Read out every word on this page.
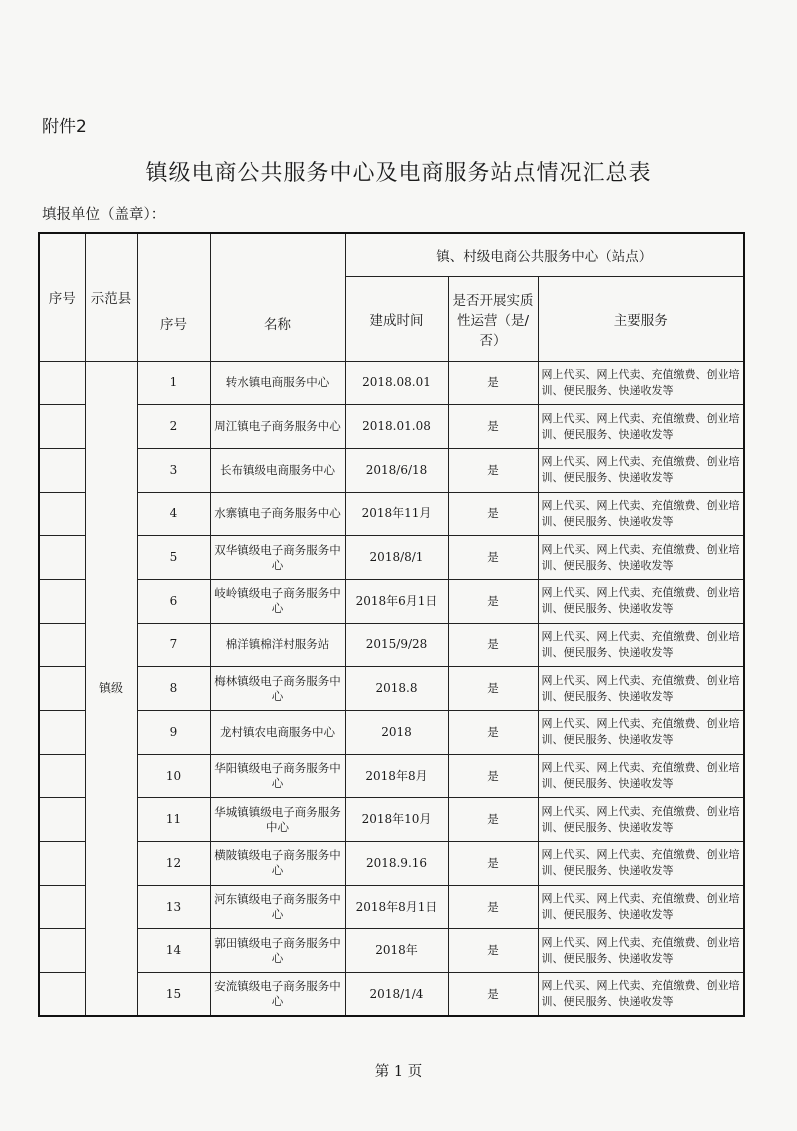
附件2
镇级电商公共服务中心及电商服务站点情况汇总表
填报单位（盖章）：
序号	示范县	序号	名称	镇、村级电商公共服务中心（站点）		
				建成时间	是否开展实质性运营（是/否）	主要服务
	镇级	1	转水镇电商服务中心	2018.08.01	是	网上代买、网上代卖、充值缴费、创业培训、便民服务、快递收发等
		2	周江镇电子商务服务中心	2018.01.08	是	网上代买、网上代卖、充值缴费、创业培训、便民服务、快递收发等
		3	长布镇级电商服务中心	2018/6/18	是	网上代买、网上代卖、充值缴费、创业培训、便民服务、快递收发等
		4	水寨镇电子商务服务中心	2018年11月	是	网上代买、网上代卖、充值缴费、创业培训、便民服务、快递收发等
		5	双华镇级电子商务服务中心	2018/8/1	是	网上代买、网上代卖、充值缴费、创业培训、便民服务、快递收发等
		6	岐岭镇级电子商务服务中心	2018年6月1日	是	网上代买、网上代卖、充值缴费、创业培训、便民服务、快递收发等
		7	棉洋镇棉洋村服务站	2015/9/28	是	网上代买、网上代卖、充值缴费、创业培训、便民服务、快递收发等
		8	梅林镇级电子商务服务中心	2018.8	是	网上代买、网上代卖、充值缴费、创业培训、便民服务、快递收发等
		9	龙村镇农电商服务中心	2018	是	网上代买、网上代卖、充值缴费、创业培训、便民服务、快递收发等
		10	华阳镇级电子商务服务中心	2018年8月	是	网上代买、网上代卖、充值缴费、创业培训、便民服务、快递收发等
		11	华城镇镇级电子商务服务中心	2018年10月	是	网上代买、网上代卖、充值缴费、创业培训、便民服务、快递收发等
		12	横陂镇级电子商务服务中心	2018.9.16	是	网上代买、网上代卖、充值缴费、创业培训、便民服务、快递收发等
		13	河东镇级电子商务服务中心	2018年8月1日	是	网上代买、网上代卖、充值缴费、创业培训、便民服务、快递收发等
		14	郭田镇级电子商务服务中心	2018年	是	网上代买、网上代卖、充值缴费、创业培训、便民服务、快递收发等
		15	安流镇级电子商务服务中心	2018/1/4	是	网上代买、网上代卖、充值缴费、创业培训、便民服务、快递收发等
第 1 页
